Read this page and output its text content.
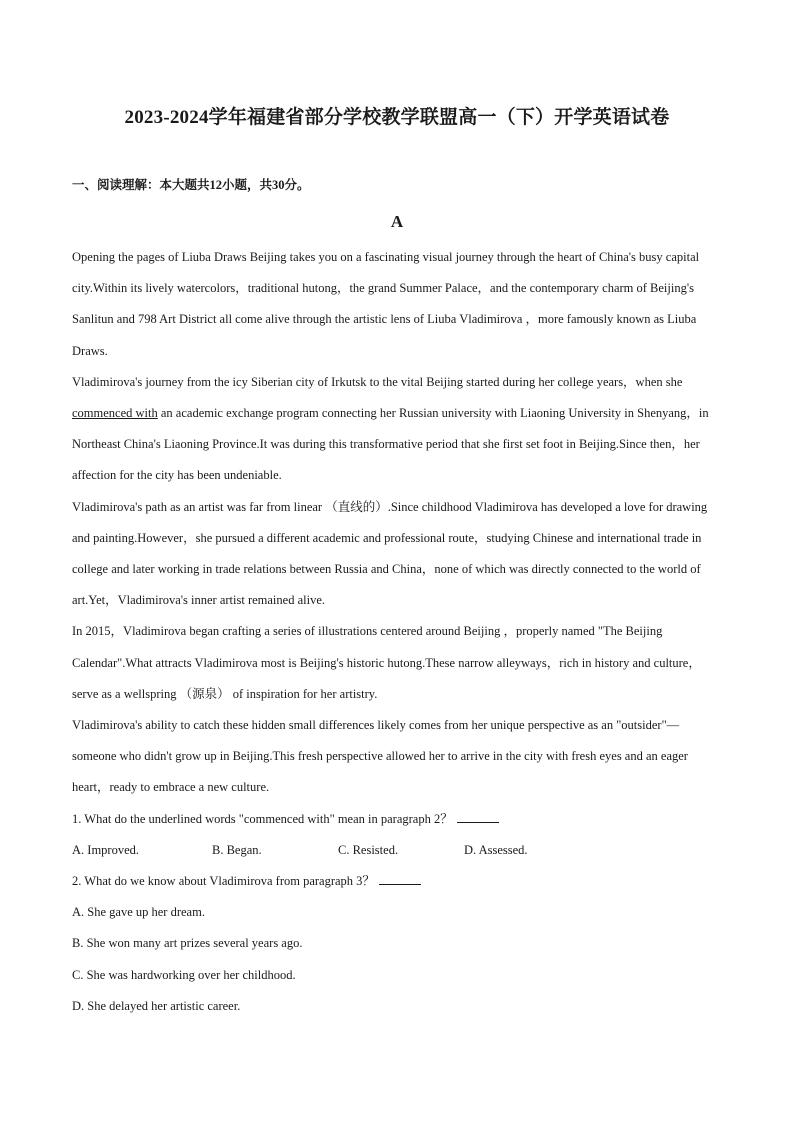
2023-2024学年福建省部分学校教学联盟高一（下）开学英语试卷
一、阅读理解：本大题共12小题，共30分。
A

Opening the pages of Liuba Draws Beijing takes you on a fascinating visual journey through the heart of China's busy capital city.Within its lively watercolors，traditional hutong，the grand Summer Palace，and the contemporary charm of Beijing's Sanlitun and 798 Art District all come alive through the artistic lens of Liuba Vladimirova ，more famously known as Liuba Draws.

Vladimirova's journey from the icy Siberian city of Irkutsk to the vital Beijing started during her college years，when she commenced with an academic exchange program connecting her Russian university with Liaoning University in Shenyang，in Northeast China's Liaoning Province.It was during this transformative period that she first set foot in Beijing.Since then，her affection for the city has been undeniable.

Vladimirova's path as an artist was far from linear （直线的）.Since childhood Vladimirova has developed a love for drawing and painting.However，she pursued a different academic and professional route，studying Chinese and international trade in college and later working in trade relations between Russia and China，none of which was directly connected to the world of art.Yet，Vladimirova's inner artist remained alive.

In 2015，Vladimirova began crafting a series of illustrations centered around Beijing ，properly named "The Beijing Calendar".What attracts Vladimirova most is Beijing's historic hutong.These narrow alleyways，rich in history and culture，serve as a wellspring （源泉） of inspiration for her artistry.

Vladimirova's ability to catch these hidden small differences likely comes from her unique perspective as an "outsider"—someone who didn't grow up in Beijing.This fresh perspective allowed her to arrive in the city with fresh eyes and an eager heart，ready to embrace a new culture.

1. What do the underlined words "commenced with" mean in paragraph 2？

A. Improved.	B. Began.	C. Resisted.	D. Assessed.

2. What do we know about Vladimirova from paragraph 3？

A. She gave up her dream.

B. She won many art prizes several years ago.

C. She was hardworking over her childhood.

D. She delayed her artistic career.
